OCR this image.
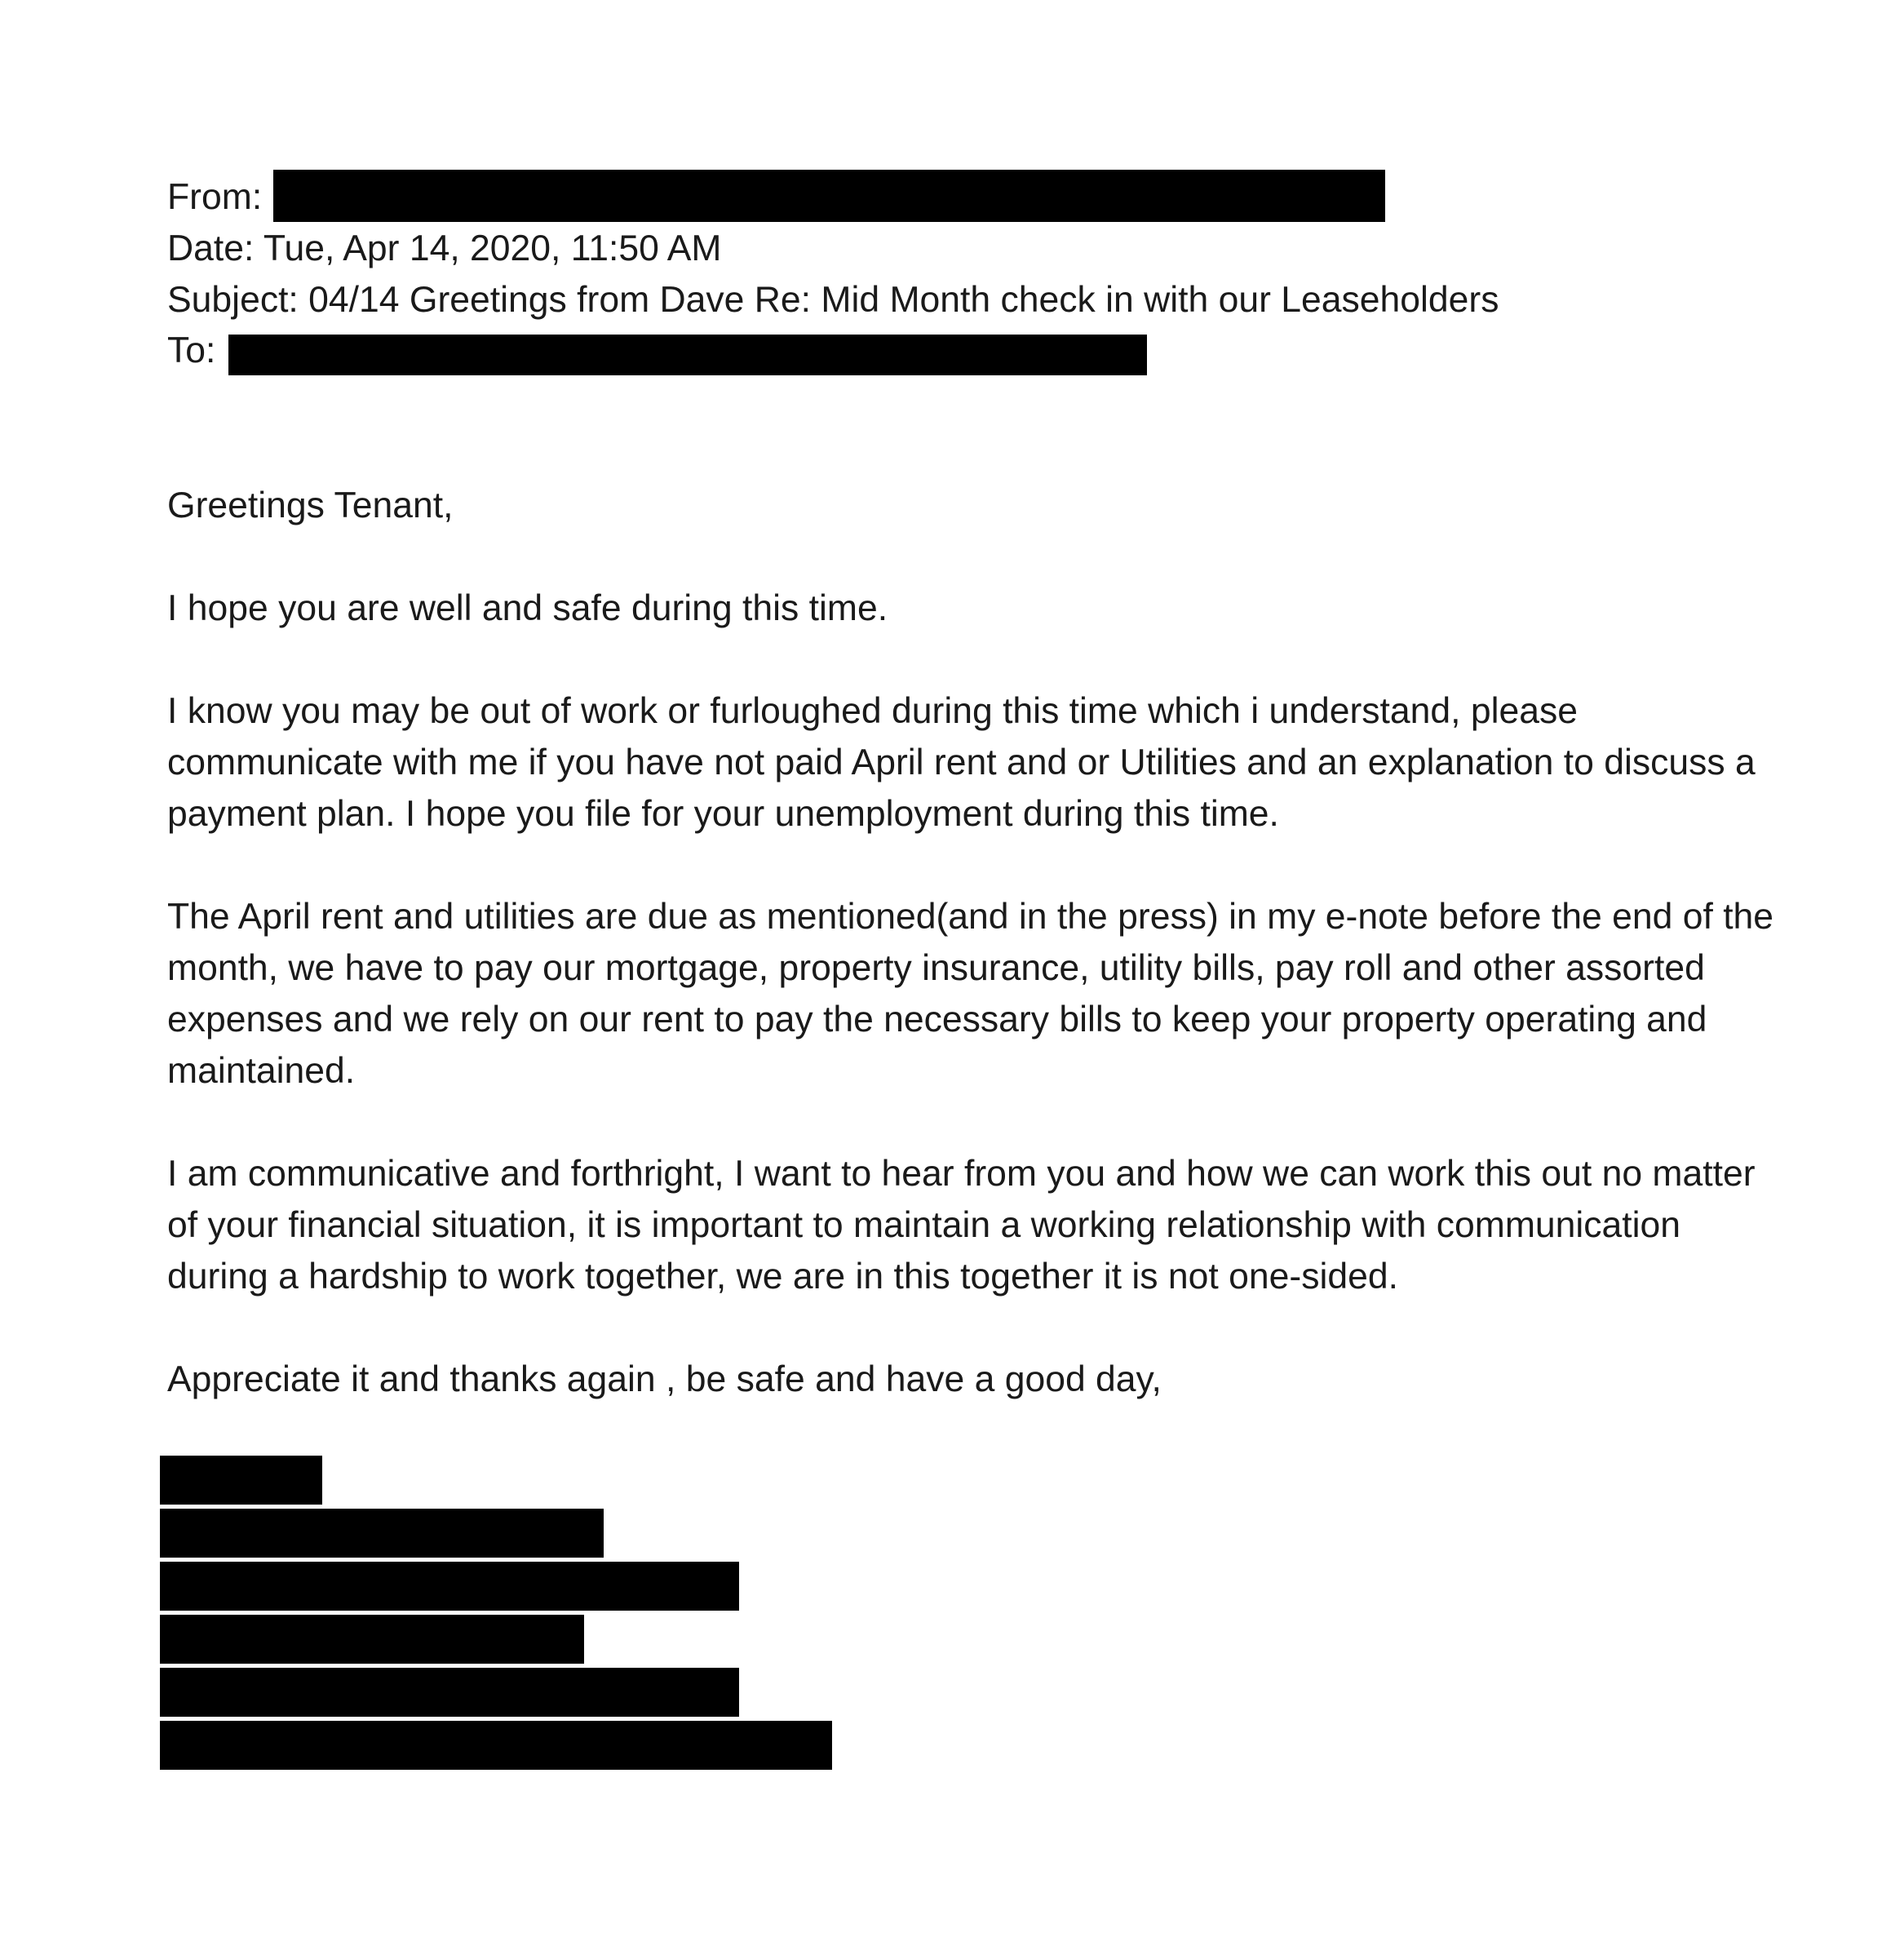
From:
Date: Tue, Apr 14, 2020, 11:50 AM
Subject: 04/14 Greetings from Dave Re: Mid Month check in with our Leaseholders
To:
Greetings Tenant,
I hope you are well and safe during this time.
I know you may be out of work or furloughed during this time which i understand, please communicate with me if you have not paid April rent and or Utilities and an explanation to discuss a payment plan. I hope you file for your unemployment during this time.
The April rent and utilities are due as mentioned(and in the press) in my e-note before the end of the month, we have to pay our mortgage, property insurance, utility bills, pay roll and other assorted expenses and we rely on our rent to pay the necessary bills to keep your property operating and maintained.
I am communicative and forthright, I want to hear from you and how we can work this out no matter of your financial situation, it is important to maintain a working relationship with communication during a hardship to work together, we are in this together it is not one-sided.
Appreciate it and thanks again , be safe and have a good day,
